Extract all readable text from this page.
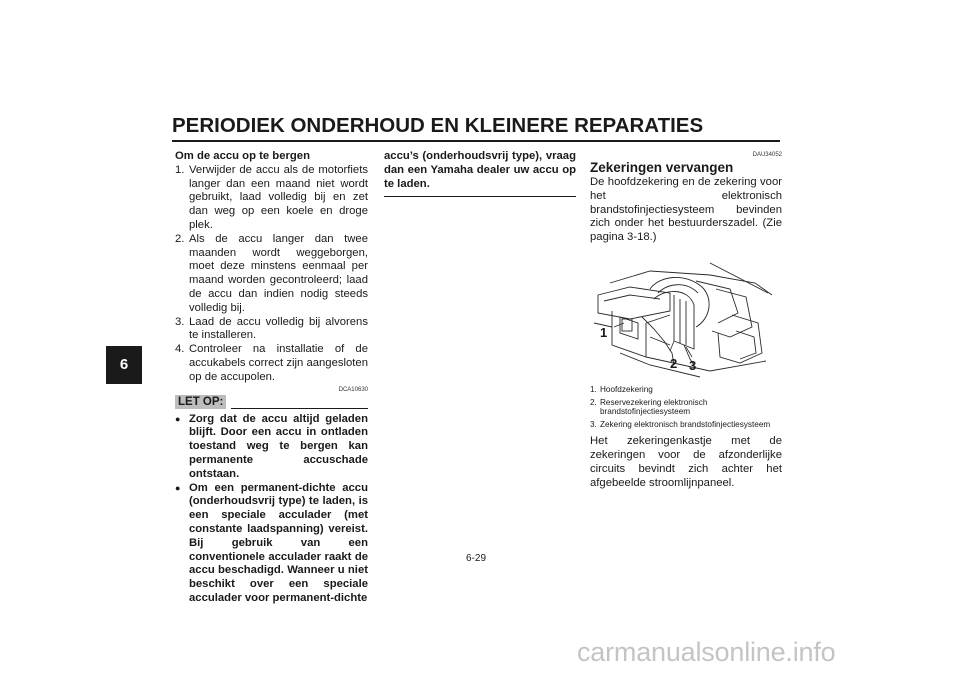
PERIODIEK ONDERHOUD EN KLEINERE REPARATIES
6
Om de accu op te bergen
1. Verwijder de accu als de motorfiets langer dan een maand niet wordt gebruikt, laad volledig bij en zet dan weg op een koele en droge plek.
2. Als de accu langer dan twee maanden wordt weggeborgen, moet deze minstens eenmaal per maand worden gecontroleerd; laad de accu dan indien nodig steeds volledig bij.
3. Laad de accu volledig bij alvorens te installeren.
4. Controleer na installatie of de accukabels correct zijn aangesloten op de accupolen.
DCA10630
LET OP:
● Zorg dat de accu altijd geladen blijft. Door een accu in ontladen toestand weg te bergen kan permanente accuschade ontstaan.
● Om een permanent-dichte accu (onderhoudsvrij type) te laden, is een speciale acculader (met constante laadspanning) vereist. Bij gebruik van een conventionele acculader raakt de accu beschadigd. Wanneer u niet beschikt over een speciale acculader voor permanent-dichte
accu’s (onderhoudsvrij type), vraag dan een Yamaha dealer uw accu op te laden.
DAU34052
Zekeringen vervangen
De hoofdzekering en de zekering voor het elektronisch brandstofinjectiesysteem bevinden zich onder het bestuurderszadel. (Zie pagina 3-18.)
1
2 3
1. Hoofdzekering
2. Reservezekering elektronisch brandstofinjectiesysteem
3. Zekering elektronisch brandstofinjectiesysteem
Het zekeringenkastje met de zekeringen voor de afzonderlijke circuits bevindt zich achter het afgebeelde stroomlijnpaneel.
6-29
carmanualsonline.info
